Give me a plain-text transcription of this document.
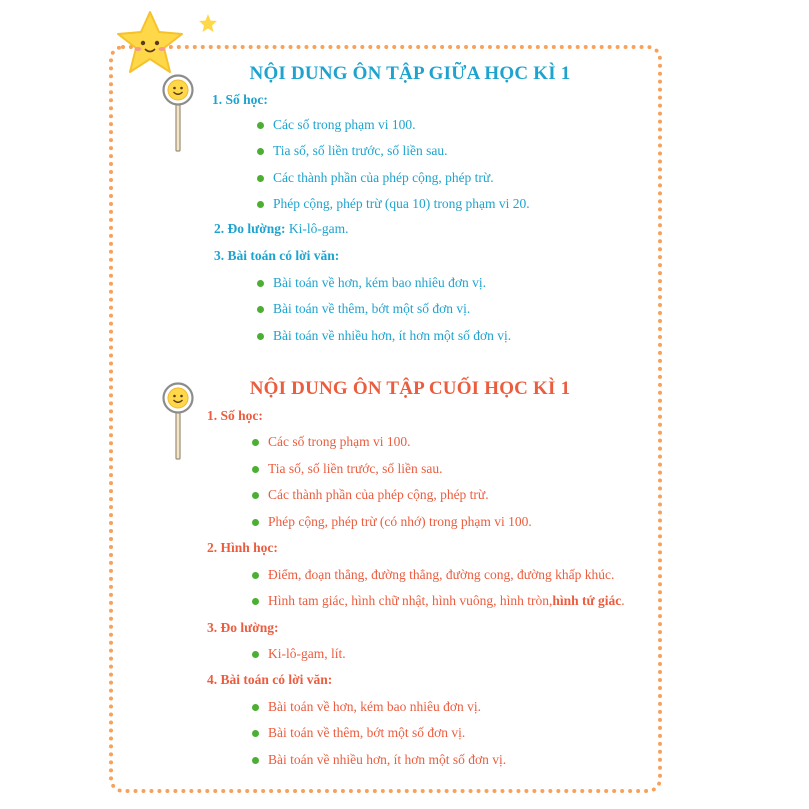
NỘI DUNG ÔN TẬP GIỮA HỌC KÌ 1
1. Số học:
Các số trong phạm vi 100.
Tia số, số liền trước, số liền sau.
Các thành phần của phép cộng, phép trừ.
Phép cộng, phép trừ (qua 10) trong phạm vi 20.
2. Đo lường: Ki-lô-gam.
3. Bài toán có lời văn:
Bài toán về hơn, kém bao nhiêu đơn vị.
Bài toán về thêm, bớt một số đơn vị.
Bài toán về nhiều hơn, ít hơn một số đơn vị.
NỘI DUNG ÔN TẬP CUỐI HỌC KÌ 1
1. Số học:
Các số trong phạm vi 100.
Tia số, số liền trước, số liền sau.
Các thành phần của phép cộng, phép trừ.
Phép cộng, phép trừ (có nhớ) trong phạm vi 100.
2. Hình học:
Điểm, đoạn thẳng, đường thẳng, đường cong, đường khấp khúc.
Hình tam giác, hình chữ nhật, hình vuông, hình tròn, hình tứ giác .
3. Đo lường:
Ki-lô-gam, lít.
4. Bài toán có lời văn:
Bài toán về hơn, kém bao nhiêu đơn vị.
Bài toán về thêm, bớt một số đơn vị.
Bài toán về nhiều hơn, ít hơn một số đơn vị.
